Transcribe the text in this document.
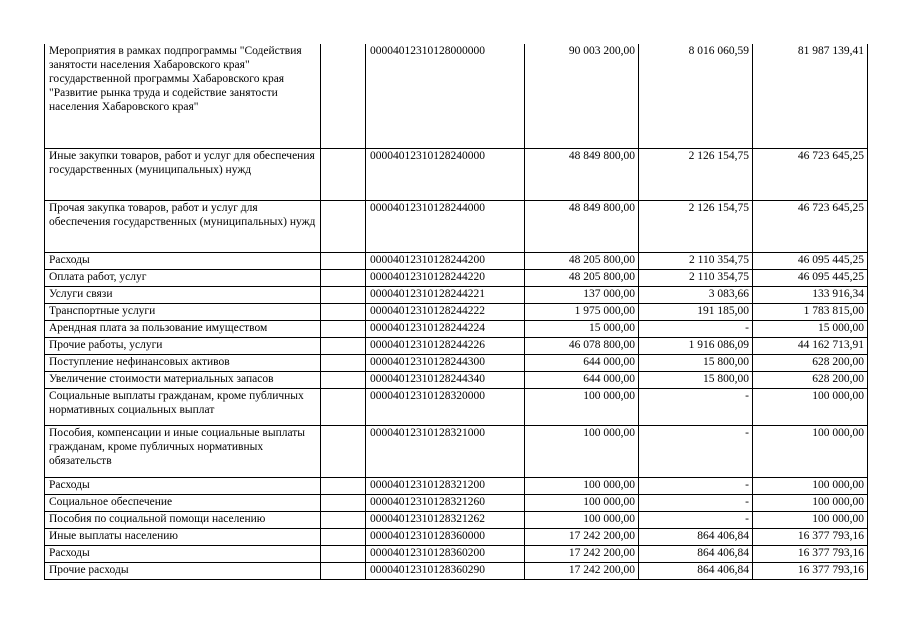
Мероприятия в рамках подпрограммы "Содействия занятости населения Хабаровского края" государственной программы Хабаровского края "Развитие рынка труда и содействие занятости населения Хабаровского края"		00004012310128000000	90 003 200,00	8 016 060,59	81 987 139,41
Иные закупки товаров, работ и услуг для обеспечения государственных (муниципальных) нужд		00004012310128240000	48 849 800,00	2 126 154,75	46 723 645,25
Прочая закупка товаров, работ и услуг для обеспечения государственных (муниципальных) нужд		00004012310128244000	48 849 800,00	2 126 154,75	46 723 645,25
Расходы		00004012310128244200	48 205 800,00	2 110 354,75	46 095 445,25
Оплата работ, услуг		00004012310128244220	48 205 800,00	2 110 354,75	46 095 445,25
Услуги связи		00004012310128244221	137 000,00	3 083,66	133 916,34
Транспортные услуги		00004012310128244222	1 975 000,00	191 185,00	1 783 815,00
Арендная плата за пользование имуществом		00004012310128244224	15 000,00	-	15 000,00
Прочие работы, услуги		00004012310128244226	46 078 800,00	1 916 086,09	44 162 713,91
Поступление нефинансовых активов		00004012310128244300	644 000,00	15 800,00	628 200,00
Увеличение стоимости материальных запасов		00004012310128244340	644 000,00	15 800,00	628 200,00
Социальные выплаты гражданам, кроме публичных нормативных социальных выплат		00004012310128320000	100 000,00	-	100 000,00
Пособия, компенсации и иные социальные выплаты гражданам, кроме публичных нормативных обязательств		00004012310128321000	100 000,00	-	100 000,00
Расходы		00004012310128321200	100 000,00	-	100 000,00
Социальное обеспечение		00004012310128321260	100 000,00	-	100 000,00
Пособия по социальной помощи населению		00004012310128321262	100 000,00	-	100 000,00
Иные выплаты населению		00004012310128360000	17 242 200,00	864 406,84	16 377 793,16
Расходы		00004012310128360200	17 242 200,00	864 406,84	16 377 793,16
Прочие расходы		00004012310128360290	17 242 200,00	864 406,84	16 377 793,16
